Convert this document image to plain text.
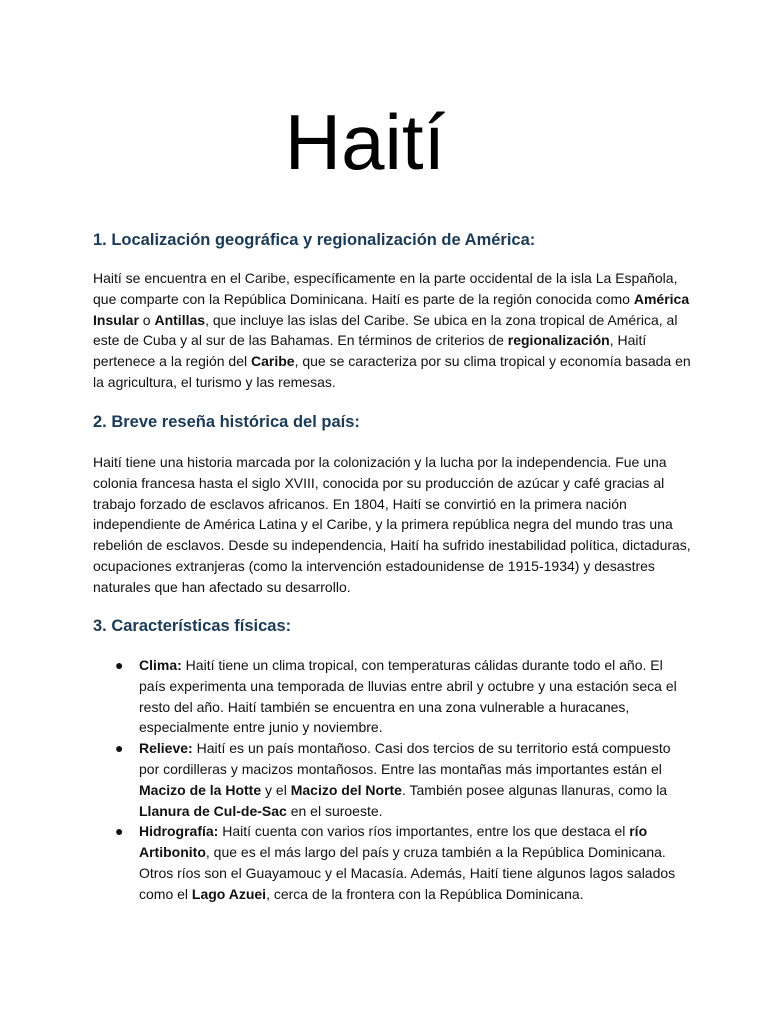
Haití
1. Localización geográfica y regionalización de América:

Haití se encuentra en el Caribe, específicamente en la parte occidental de la isla La Española, que comparte con la República Dominicana. Haití es parte de la región conocida como América Insular o Antillas, que incluye las islas del Caribe. Se ubica en la zona tropical de América, al este de Cuba y al sur de las Bahamas. En términos de criterios de regionalización, Haití pertenece a la región del Caribe, que se caracteriza por su clima tropical y economía basada en la agricultura, el turismo y las remesas.

2. Breve reseña histórica del país:

Haití tiene una historia marcada por la colonización y la lucha por la independencia. Fue una colonia francesa hasta el siglo XVIII, conocida por su producción de azúcar y café gracias al trabajo forzado de esclavos africanos. En 1804, Haití se convirtió en la primera nación independiente de América Latina y el Caribe, y la primera república negra del mundo tras una rebelión de esclavos. Desde su independencia, Haití ha sufrido inestabilidad política, dictaduras, ocupaciones extranjeras (como la intervención estadounidense de 1915-1934) y desastres naturales que han afectado su desarrollo.

3. Características físicas:
● Clima: Haití tiene un clima tropical, con temperaturas cálidas durante todo el año. El país experimenta una temporada de lluvias entre abril y octubre y una estación seca el resto del año. Haití también se encuentra en una zona vulnerable a huracanes, especialmente entre junio y noviembre.
● Relieve: Haití es un país montañoso. Casi dos tercios de su territorio está compuesto por cordilleras y macizos montañosos. Entre las montañas más importantes están el Macizo de la Hotte y el Macizo del Norte. También posee algunas llanuras, como la Llanura de Cul-de-Sac en el suroeste.
● Hidrografía: Haití cuenta con varios ríos importantes, entre los que destaca el río Artibonito, que es el más largo del país y cruza también a la República Dominicana. Otros ríos son el Guayamouc y el Macasía. Además, Haití tiene algunos lagos salados como el Lago Azuei, cerca de la frontera con la República Dominicana.
